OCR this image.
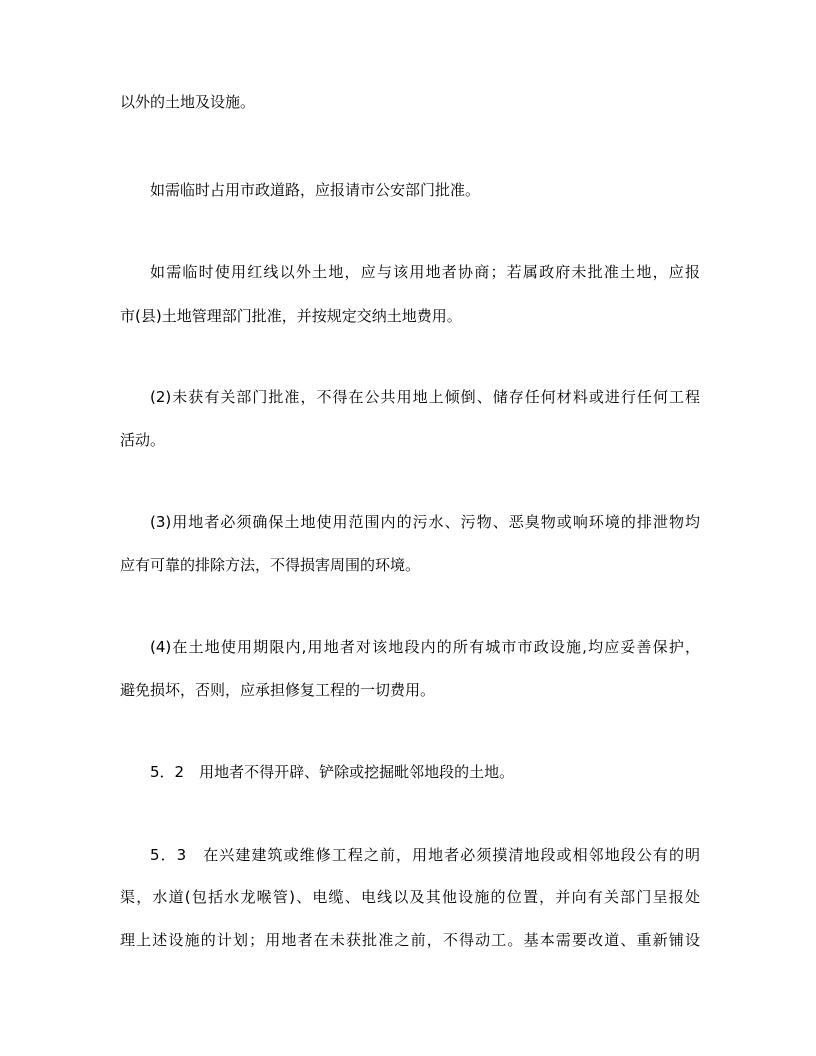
以外的土地及设施。

如需临时占用市政道路，应报请市公安部门批准。

如需临时使用红线以外土地，应与该用地者协商；若属政府未批准土地，应报

市(县)土地管理部门批准，并按规定交纳土地费用。

(2)未获有关部门批准，不得在公共用地上倾倒、储存任何材料或进行任何工程

活动。

(3)用地者必须确保土地使用范围内的污水、污物、恶臭物或响环境的排泄物均

应有可靠的排除方法，不得损害周围的环境。

(4)在土地使用期限内,用地者对该地段内的所有城市市政设施,均应妥善保护，

避免损坏，否则，应承担修复工程的一切费用。

5．2　用地者不得开辟、铲除或挖掘毗邻地段的土地。

5．3　在兴建建筑或维修工程之前，用地者必须摸清地段或相邻地段公有的明

渠，水道(包括水龙喉管)、电缆、电线以及其他设施的位置，并向有关部门呈报处

理上述设施的计划；用地者在未获批准之前，不得动工。基本需要改道、重新铺设
